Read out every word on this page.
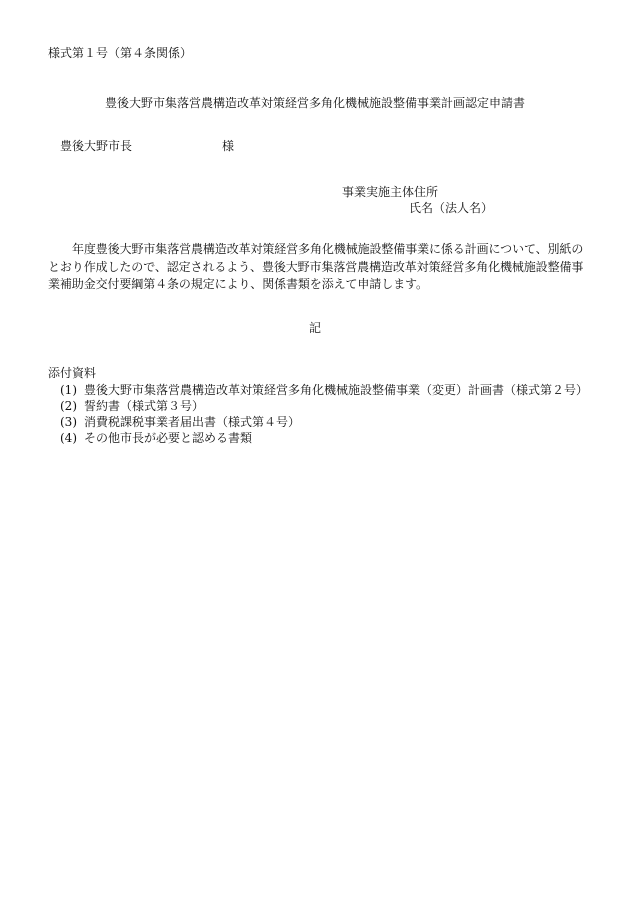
様式第１号（第４条関係）
豊後大野市集落営農構造改革対策経営多角化機械施設整備事業計画認定申請書
豊後大野市長	様
事業実施主体住所
氏名（法人名）

年度豊後大野市集落営農構造改革対策経営多角化機械施設整備事業に係る計画について、別紙のとおり作成したので、認定されるよう、豊後大野市集落営農構造改革対策経営多角化機械施設整備事業補助金交付要綱第４条の規定により、関係書類を添えて申請します。

記
添付資料
(1) 豊後大野市集落営農構造改革対策経営多角化機械施設整備事業（変更）計画書（様式第２号）
(2) 誓約書（様式第３号）
(3) 消費税課税事業者届出書（様式第４号）
(4) その他市長が必要と認める書類
